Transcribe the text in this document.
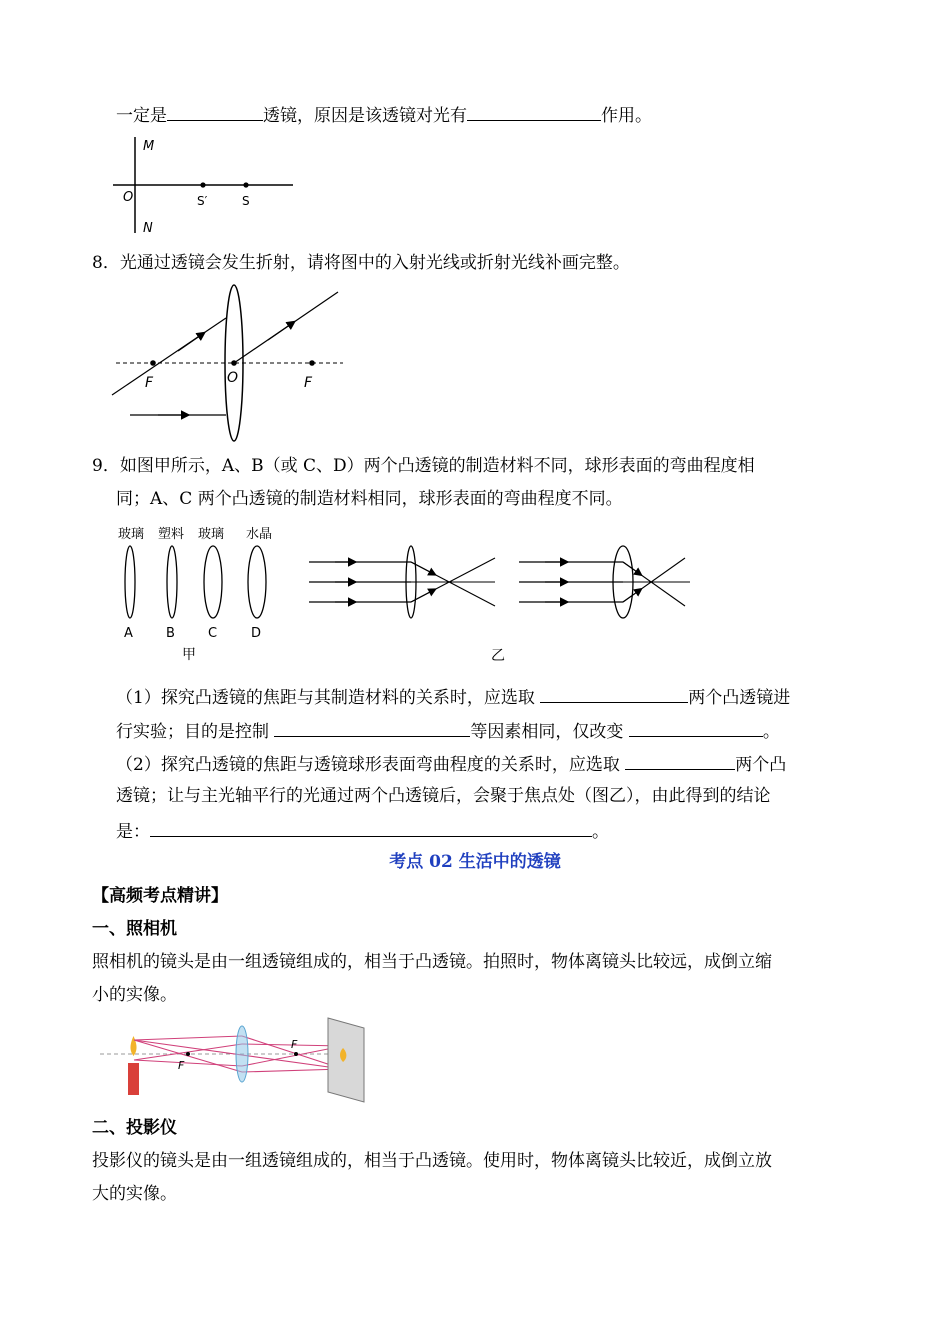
一定是	透镜，原因是该透镜对光有	作用。
M
O
N
S′	S
8．光通过透镜会发生折射，请将图中的入射光线或折射光线补画完整。
F	O	F
9．如图甲所示，A、B（或 C、D）两个凸透镜的制造材料不同，球形表面的弯曲程度相
同；A、C 两个凸透镜的制造材料相同，球形表面的弯曲程度不同。
玻璃 塑料 玻璃 水晶
A	B	C	D
甲	乙
（1）探究凸透镜的焦距与其制造材料的关系时，应选取	两个凸透镜进
行实验；目的是控制	等因素相同，仅改变	。
（2）探究凸透镜的焦距与透镜球形表面弯曲程度的关系时，应选取	两个凸
透镜；让与主光轴平行的光通过两个凸透镜后，会聚于焦点处（图乙），由此得到的结论
是：	。
考点 02 生活中的透镜
【高频考点精讲】
一、照相机
照相机的镜头是由一组透镜组成的，相当于凸透镜。拍照时，物体离镜头比较远，成倒立缩
小的实像。
F
F
二、投影仪
投影仪的镜头是由一组透镜组成的，相当于凸透镜。使用时，物体离镜头比较近，成倒立放
大的实像。
